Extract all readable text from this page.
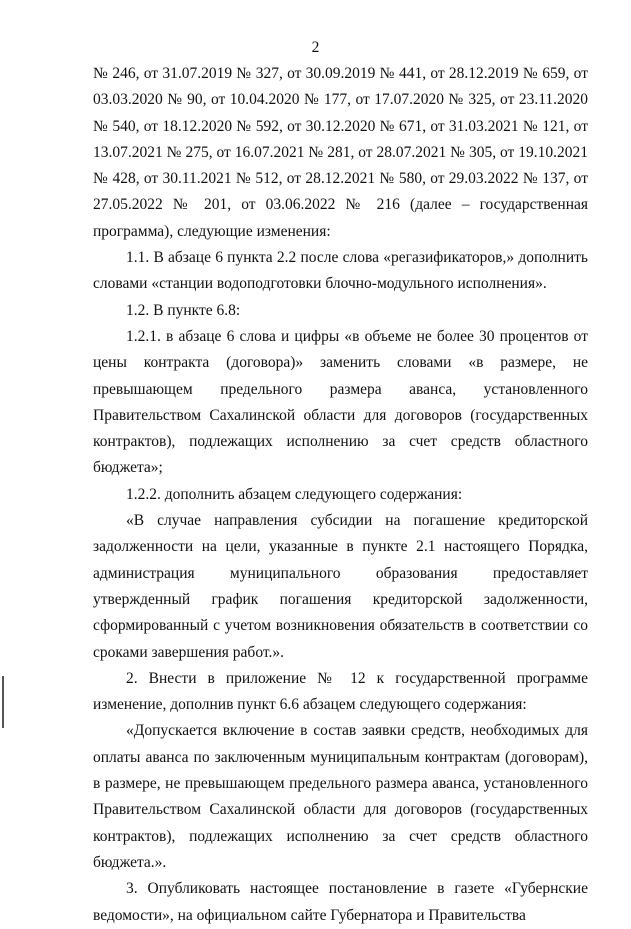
2

№ 246, от 31.07.2019 № 327, от 30.09.2019 № 441, от 28.12.2019 № 659, от 03.03.2020 № 90, от 10.04.2020 № 177, от 17.07.2020 № 325, от 23.11.2020 № 540, от 18.12.2020 № 592, от 30.12.2020 № 671, от 31.03.2021 № 121, от 13.07.2021 № 275, от 16.07.2021 № 281, от 28.07.2021 № 305, от 19.10.2021 № 428, от 30.11.2021 № 512, от 28.12.2021 № 580, от 29.03.2022 № 137, от 27.05.2022 № 201, от 03.06.2022 № 216 (далее – государственная программа), следующие изменения:

1.1. В абзаце 6 пункта 2.2 после слова «регазификаторов,» дополнить словами «станции водоподготовки блочно-модульного исполнения».

1.2. В пункте 6.8:

1.2.1. в абзаце 6 слова и цифры «в объеме не более 30 процентов от цены контракта (договора)» заменить словами «в размере, не превышающем предельного размера аванса, установленного Правительством Сахалинской области для договоров (государственных контрактов), подлежащих исполнению за счет средств областного бюджета»;

1.2.2. дополнить абзацем следующего содержания:

«В случае направления субсидии на погашение кредиторской задолженности на цели, указанные в пункте 2.1 настоящего Порядка, администрация муниципального образования предоставляет утвержденный график погашения кредиторской задолженности, сформированный с учетом возникновения обязательств в соответствии со сроками завершения работ.».

2. Внести в приложение № 12 к государственной программе изменение, дополнив пункт 6.6 абзацем следующего содержания:

«Допускается включение в состав заявки средств, необходимых для оплаты аванса по заключенным муниципальным контрактам (договорам), в размере, не превышающем предельного размера аванса, установленного Правительством Сахалинской области для договоров (государственных контрактов), подлежащих исполнению за счет средств областного бюджета.».

3. Опубликовать настоящее постановление в газете «Губернские ведомости», на официальном сайте Губернатора и Правительства
